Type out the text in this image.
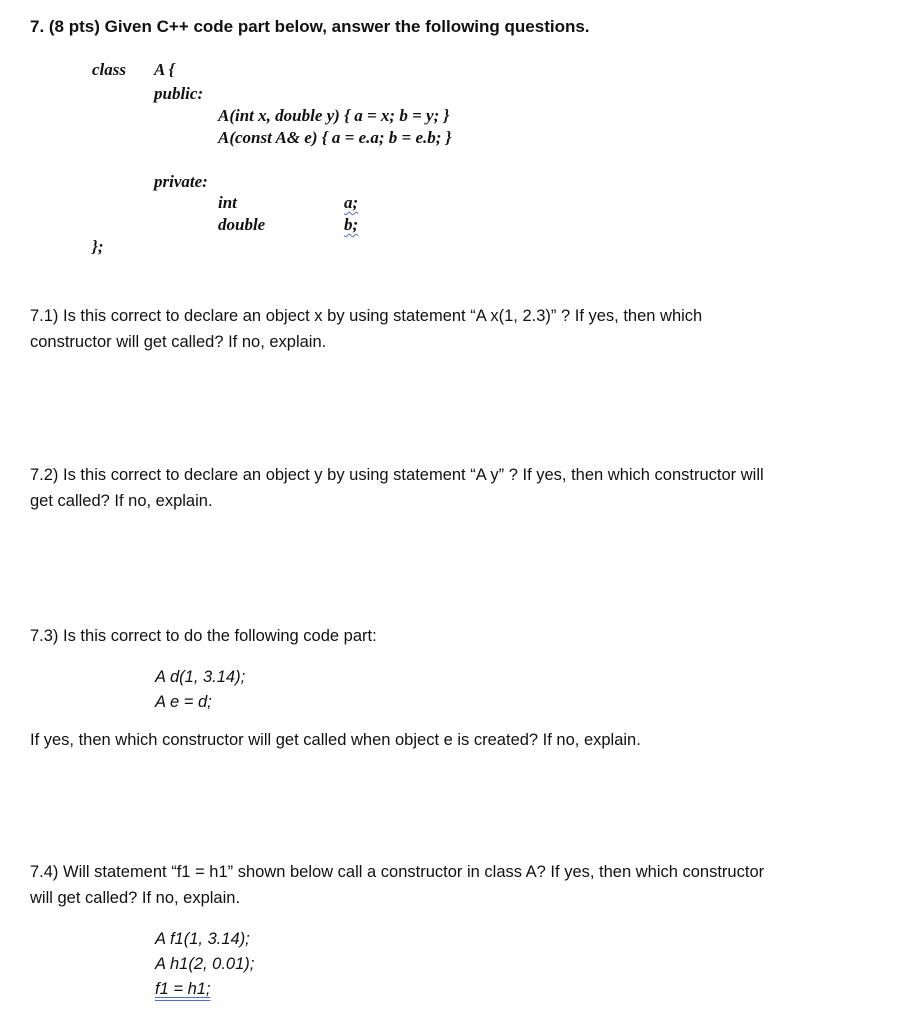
7. (8 pts) Given C++ code part below, answer the following questions.
class A {
public:
A(int x, double y) { a = x; b = y; }
A(const A& e) { a = e.a; b = e.b; }
private:
int	a;
double	b;
};
7.1) Is this correct to declare an object x by using statement “A x(1, 2.3)” ? If yes, then which
constructor will get called? If no, explain.
7.2) Is this correct to declare an object y by using statement “A y” ? If yes, then which constructor will
get called? If no, explain.
7.3) Is this correct to do the following code part:
A d(1, 3.14);
A e = d;
If yes, then which constructor will get called when object e is created? If no, explain.
7.4) Will statement “f1 = h1” shown below call a constructor in class A? If yes, then which constructor
will get called? If no, explain.
A f1(1, 3.14);
A h1(2, 0.01);
f1 = h1;
